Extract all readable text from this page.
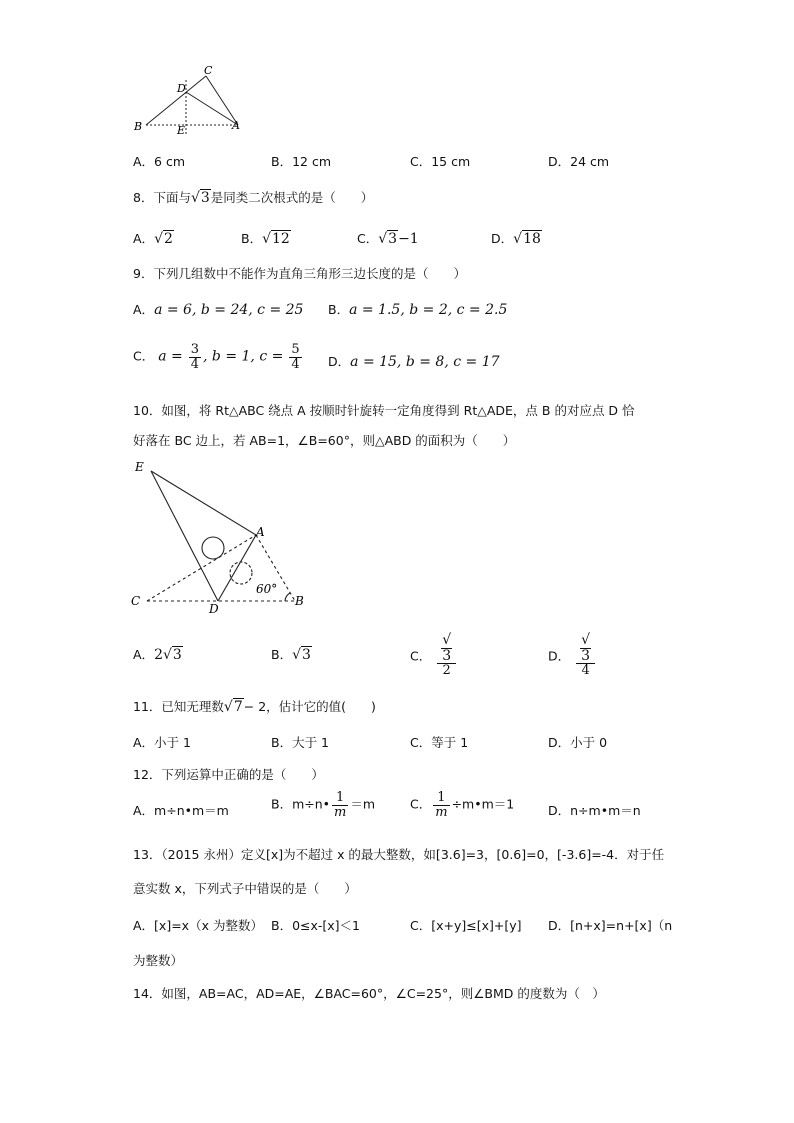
C
D
B	E	A
A．6 cm	B．12 cm	C．15 cm	D．24 cm
8．下面与√3是同类二次根式的是（　　）
A．√2	B．√12	C．√3−1	D．√18
9．下列几组数中不能作为直角三角形三边长度的是（　　）
A．a = 6, b = 24, c = 25 B．a = 1.5, b = 2, c = 2.5
C． $a = \frac{3}{4}$ , b = 1, $c = \frac{5}{4}$ D．a = 15, b = 8, c = 17
10．如图，将 Rt△ABC 绕点 A 按顺时针旋转一定角度得到 Rt△ADE，点 B 的对应点 D 恰
好落在 BC 边上，若 AB=1，∠B=60°，则△ABD 的面积为（　　）
E
A
60°
C
D
B
A．2√3	B．√3	C． √
3
2	D． √
3
4
11．已知无理数√7− 2，估计它的值(　　)
A．小于 1	B．大于 1	C．等于 1	D．小于 0
12．下列运算中正确的是（　　）
A．m÷n•m＝m	B．m÷n• $\frac{1}{m} =m$	C． $\frac{1}{m}$ ÷m•m＝1	D．n÷m•m＝n
13．（2015 永州）定义[x]为不超过 x 的最大整数，如[3.6]=3，[0.6]=0，[-3.6]=-4．对于任
意实数 x，下列式子中错误的是（　　）
A．[x]=x（x 为整数） B．0≤x-[x]＜1	C．[x+y]≤[x]+[y] D．[n+x]=n+[x]（n
为整数）
14．如图，AB=AC，AD=AE，∠BAC=60°，∠C=25°，则∠BMD 的度数为（　）
